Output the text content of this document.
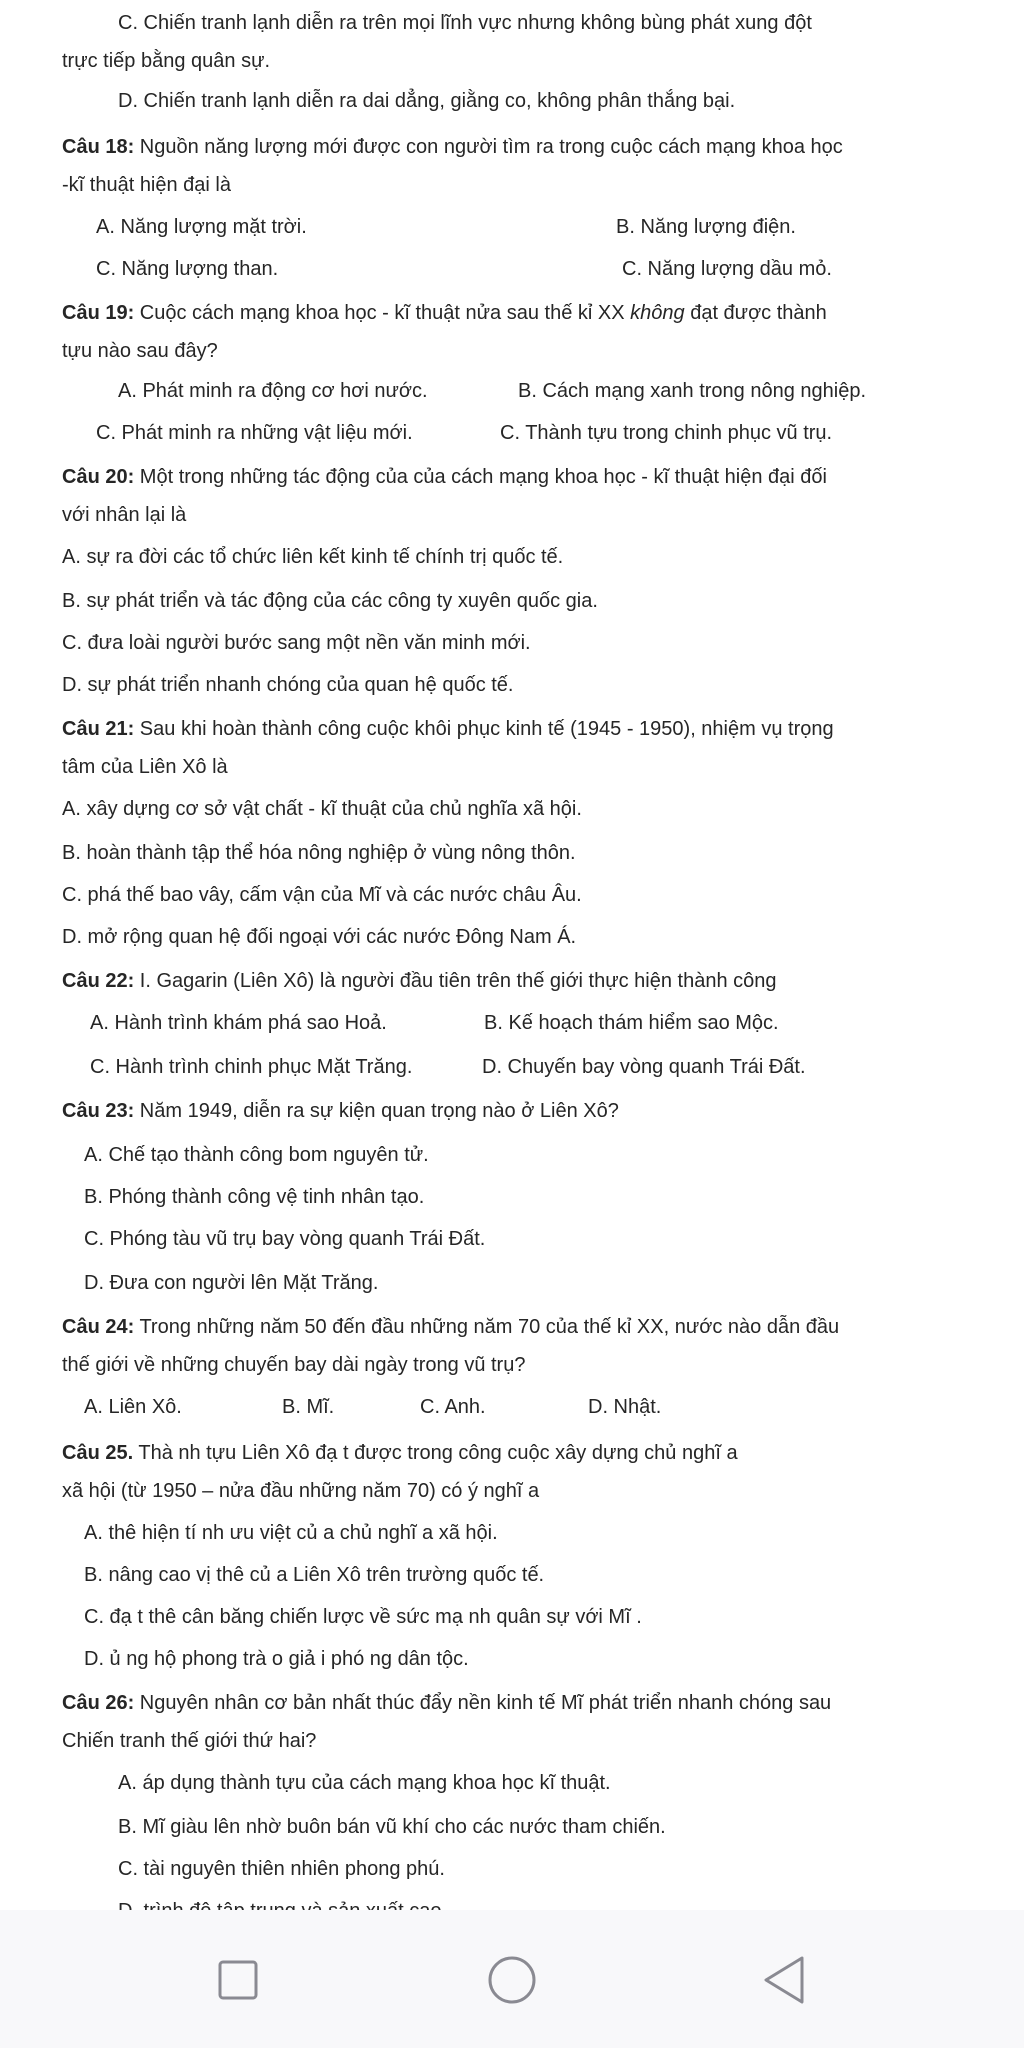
C. Chiến tranh lạnh diễn ra trên mọi lĩnh vực nhưng không bùng phát xung đột
trực tiếp bằng quân sự.
D. Chiến tranh lạnh diễn ra dai dẳng, giằng co, không phân thắng bại.
Câu 18: Nguồn năng lượng mới được con người tìm ra trong cuộc cách mạng khoa học
-kĩ thuật hiện đại là
A. Năng lượng mặt trời.	B. Năng lượng điện.
C. Năng lượng than.	C. Năng lượng dầu mỏ.
Câu 19: Cuộc cách mạng khoa học - kĩ thuật nửa sau thế kỉ XX không đạt được thành
tựu nào sau đây?
A. Phát minh ra động cơ hơi nước.	B. Cách mạng xanh trong nông nghiệp.
C. Phát minh ra những vật liệu mới.	C. Thành tựu trong chinh phục vũ trụ.
Câu 20: Một trong những tác động của của cách mạng khoa học - kĩ thuật hiện đại đối
với nhân lại là
A. sự ra đời các tổ chức liên kết kinh tế chính trị quốc tế.
B. sự phát triển và tác động của các công ty xuyên quốc gia.
C. đưa loài người bước sang một nền văn minh mới.
D. sự phát triển nhanh chóng của quan hệ quốc tế.
Câu 21: Sau khi hoàn thành công cuộc khôi phục kinh tế (1945 - 1950), nhiệm vụ trọng
tâm của Liên Xô là
A. xây dựng cơ sở vật chất - kĩ thuật của chủ nghĩa xã hội.
B. hoàn thành tập thể hóa nông nghiệp ở vùng nông thôn.
C. phá thế bao vây, cấm vận của Mĩ và các nước châu Âu.
D. mở rộng quan hệ đối ngoại với các nước Đông Nam Á.
Câu 22: I. Gagarin (Liên Xô) là người đầu tiên trên thế giới thực hiện thành công
A. Hành trình khám phá sao Hoả.	B. Kế hoạch thám hiểm sao Mộc.
C. Hành trình chinh phục Mặt Trăng.	D. Chuyến bay vòng quanh Trái Đất.
Câu 23: Năm 1949, diễn ra sự kiện quan trọng nào ở Liên Xô?
A. Chế tạo thành công bom nguyên tử.
B. Phóng thành công vệ tinh nhân tạo.
C. Phóng tàu vũ trụ bay vòng quanh Trái Đất.
D. Đưa con người lên Mặt Trăng.
Câu 24: Trong những năm 50 đến đầu những năm 70 của thế kỉ XX, nước nào dẫn đầu
thế giới về những chuyến bay dài ngày trong vũ trụ?
A. Liên Xô.	B. Mĩ.	C. Anh.	D. Nhật.
Câu 25. Thà nh tựu Liên Xô đạ t được trong công cuộc xây dựng chủ nghĩ a
xã hội (từ 1950 – nửa đầu những năm 70) có ý nghĩ a
A. thê hiện tí nh ưu việt củ a chủ nghĩ a xã hội.
B. nâng cao vị thê củ a Liên Xô trên trường quốc tế.
C. đạ t thê cân băng chiến lược về sức mạ nh quân sự với Mĩ .
D. ủ ng hộ phong trà o giả i phó ng dân tộc.
Câu 26: Nguyên nhân cơ bản nhất thúc đẩy nền kinh tế Mĩ phát triển nhanh chóng sau
Chiến tranh thế giới thứ hai?
A. áp dụng thành tựu của cách mạng khoa học kĩ thuật.
B. Mĩ giàu lên nhờ buôn bán vũ khí cho các nước tham chiến.
C. tài nguyên thiên nhiên phong phú.
